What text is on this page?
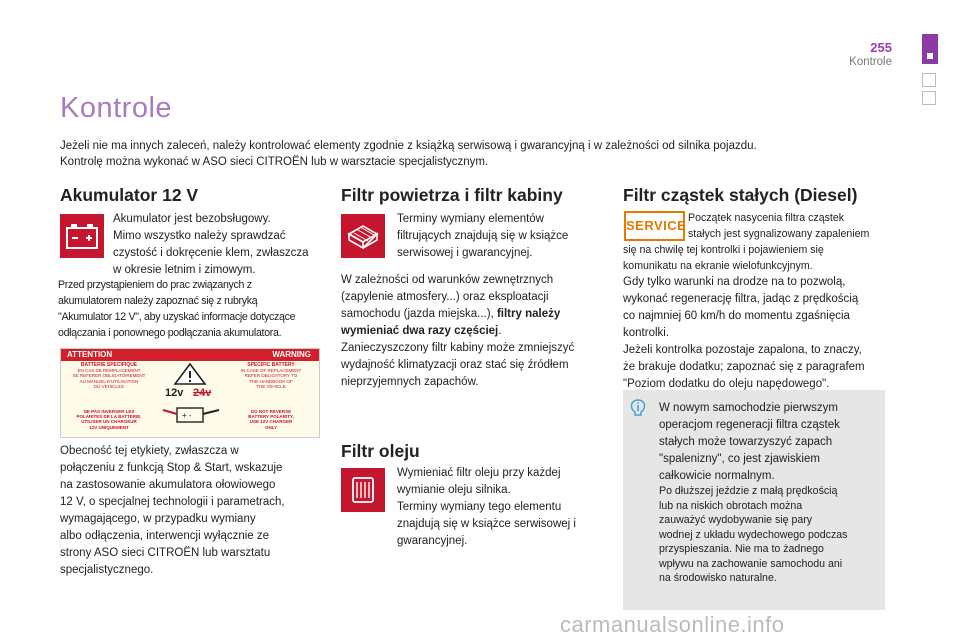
255
Kontrole
Kontrole
Jeżeli nie ma innych zaleceń, należy kontrolować elementy zgodnie z książką serwisową i gwarancyjną i w zależności od silnika pojazdu.
Kontrolę można wykonać w ASO sieci CITROËN lub w warsztacie specjalistycznym.
Akumulator 12 V
Akumulator jest bezobsługowy.
Mimo wszystko należy sprawdzać
czystość i dokręcenie klem, zwłaszcza
w okresie letnim i zimowym.
Przed przystąpieniem do prac związanych z
akumulatorem należy zapoznać się z rubryką
"Akumulator 12 V", aby uzyskać informacje dotyczące
odłączania i ponownego podłączania akumulatora.
ATTENTION	WARNING
BATTERIE SPECIFIQUE
EN CAS DE REMPLACEMENT
SE REFERER OBLIGATOIREMENT
AU MANUEL D'UTILISATION
DU VEHICULE
SPECIFIC BATTERY
IN CASE OF REPLACEMENT
REFER OBLIGATORY TO
THE HANDBOOK OF
THE VEHICLE
12v 24v
+ -
NE PAS INVERSER LES
POLARITES DE LA BATTERIE,
UTILISER UN CHARGEUR
12V UNIQUEMENT
DO NOT REVERSE
BATTERY POLARITY,
USE 12V CHARGER
ONLY
Obecność tej etykiety, zwłaszcza w
połączeniu z funkcją Stop & Start, wskazuje
na zastosowanie akumulatora ołowiowego
12 V, o specjalnej technologii i parametrach,
wymagającego, w przypadku wymiany
albo odłączenia, interwencji wyłącznie ze
strony ASO sieci CITROËN lub warsztatu
specjalistycznego.
Filtr powietrza i filtr kabiny
Terminy wymiany elementów
filtrujących znajdują się w książce
serwisowej i gwarancyjnej.
W zależności od warunków zewnętrznych
(zapylenie atmosfery...) oraz eksploatacji
samochodu (jazda miejska...), filtry należy
wymieniać dwa razy częściej.
Zanieczyszczony filtr kabiny może zmniejszyć
wydajność klimatyzacji oraz stać się źródłem
nieprzyjemnych zapachów.
Filtr oleju
Wymieniać filtr oleju przy każdej
wymianie oleju silnika.
Terminy wymiany tego elementu
znajdują się w książce serwisowej i
gwarancyjnej.
Filtr cząstek stałych (Diesel)
SERVICE Początek nasycenia filtra cząstek
stałych jest sygnalizowany zapaleniem
się na chwilę tej kontrolki i pojawieniem się
komunikatu na ekranie wielofunkcyjnym.
Gdy tylko warunki na drodze na to pozwolą,
wykonać regenerację filtra, jadąc z prędkością
co najmniej 60 km/h do momentu zgaśnięcia
kontrolki.
Jeżeli kontrolka pozostaje zapalona, to znaczy,
że brakuje dodatku; zapoznać się z paragrafem
"Poziom dodatku do oleju napędowego".
W nowym samochodzie pierwszym
operacjom regeneracji filtra cząstek
stałych może towarzyszyć zapach
"spalenizny", co jest zjawiskiem
całkowicie normalnym.
Po dłuższej jeździe z małą prędkością
lub na niskich obrotach można
zauważyć wydobywanie się pary
wodnej z układu wydechowego podczas
przyspieszania. Nie ma to żadnego
wpływu na zachowanie samochodu ani
na środowisko naturalne.
carmanualsonline.info
